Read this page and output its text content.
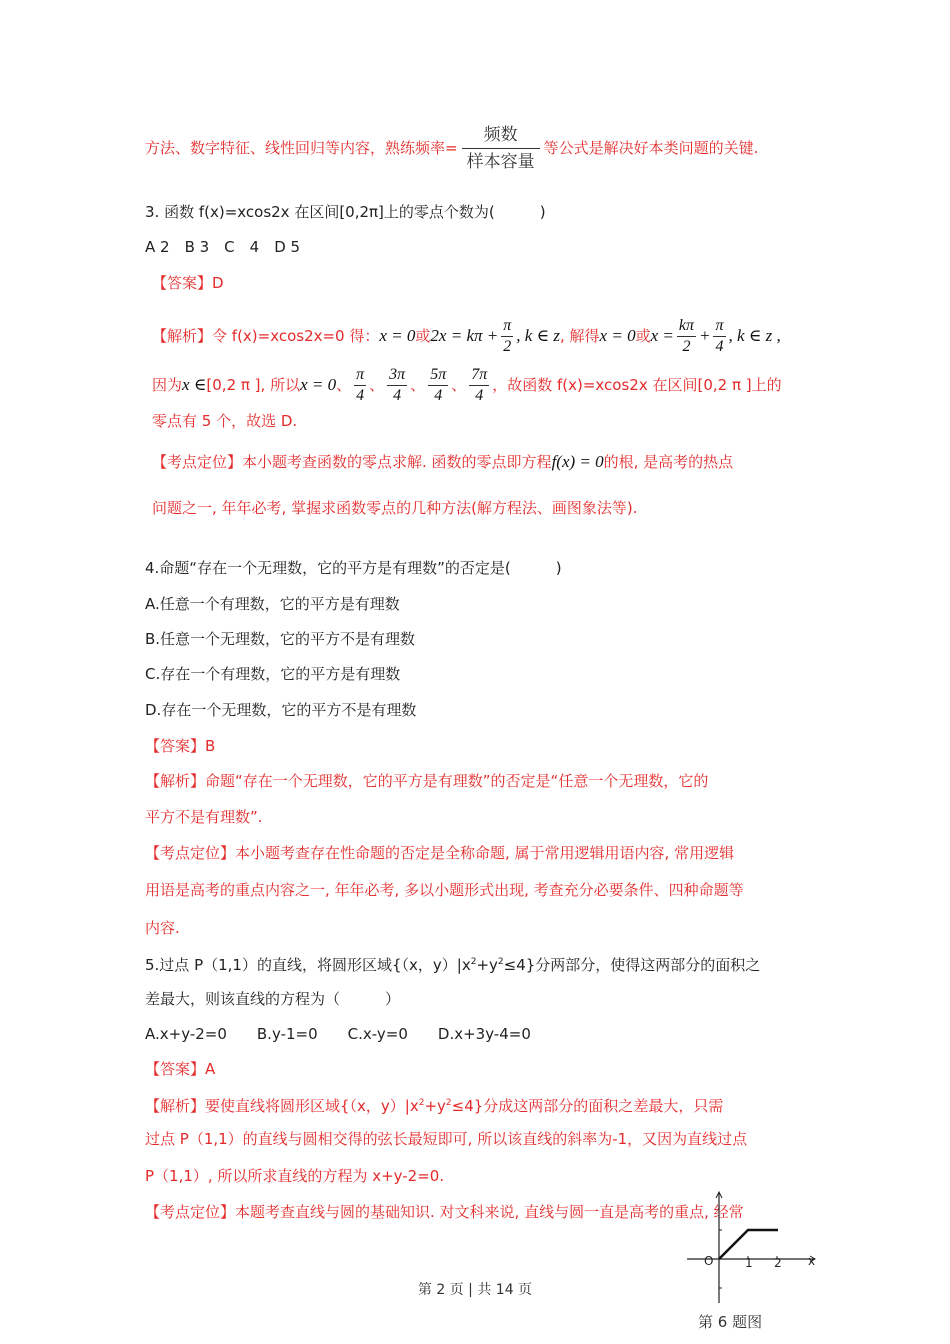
方法、数字特征、线性回归等内容，熟练频率=
频数
样本容量
等公式是解决好本类问题的关键.
3. 函数 f(x)=xcos2x 在区间[0,2π]上的零点个数为(　　　)
A 2　B 3　C　4　D 5
【答案】D
【解析】令 f(x)=xcos2x=0 得：x = 0或$2x = k\pi + \frac{\pi}{2}$ , k ∈ z, 解得x = 0或$x = \frac{k\pi}{2} + \frac{\pi}{4}$ , k ∈ z ,
因为x ∈[0,2 π ], 所以x = 0、 $\frac{\pi}{4}$ 、 $\frac{3\pi}{4}$ 、 $\frac{5\pi}{4}$ 、 $\frac{7\pi}{4}$ ，故函数 f(x)=xcos2x 在区间[0,2 π ]上的
零点有 5 个，故选 D.
【考点定位】本小题考查函数的零点求解. 函数的零点即方程f(x) = 0的根, 是高考的热点
问题之一, 年年必考, 掌握求函数零点的几种方法(解方程法、画图象法等).
4.命题“存在一个无理数，它的平方是有理数”的否定是(　　　)
A.任意一个有理数，它的平方是有理数
B.任意一个无理数，它的平方不是有理数
C.存在一个有理数，它的平方是有理数
D.存在一个无理数，它的平方不是有理数
【答案】B
【解析】命题“存在一个无理数，它的平方是有理数”的否定是“任意一个无理数，它的
平方不是有理数”.
【考点定位】本小题考查存在性命题的否定是全称命题, 属于常用逻辑用语内容, 常用逻辑
用语是高考的重点内容之一, 年年必考, 多以小题形式出现, 考查充分必要条件、四种命题等
内容.
5.过点 P（1,1）的直线，将圆形区域{（x，$y)|x^2+y^2\le 4$}分两部分，使得这两部分的面积之
差最大，则该直线的方程为（　　　）
A.x+y-2=0　　B.y-1=0　　C.x-y=0　　D.x+3y-4=0
【答案】A
【解析】要使直线将圆形区域{（x，$y)|x^2+y^2\le 4$}分成这两部分的面积之差最大，只需
过点 P（1,1）的直线与圆相交得的弦长最短即可, 所以该直线的斜率为-1，又因为直线过点
P（1,1）, 所以所求直线的方程为 x+y-2=0.
【考点定位】本题考查直线与圆的基础知识. 对文科来说, 直线与圆一直是高考的重点, 经常
O	1 2 x
第 6 题图
第 2 页 | 共 14 页
